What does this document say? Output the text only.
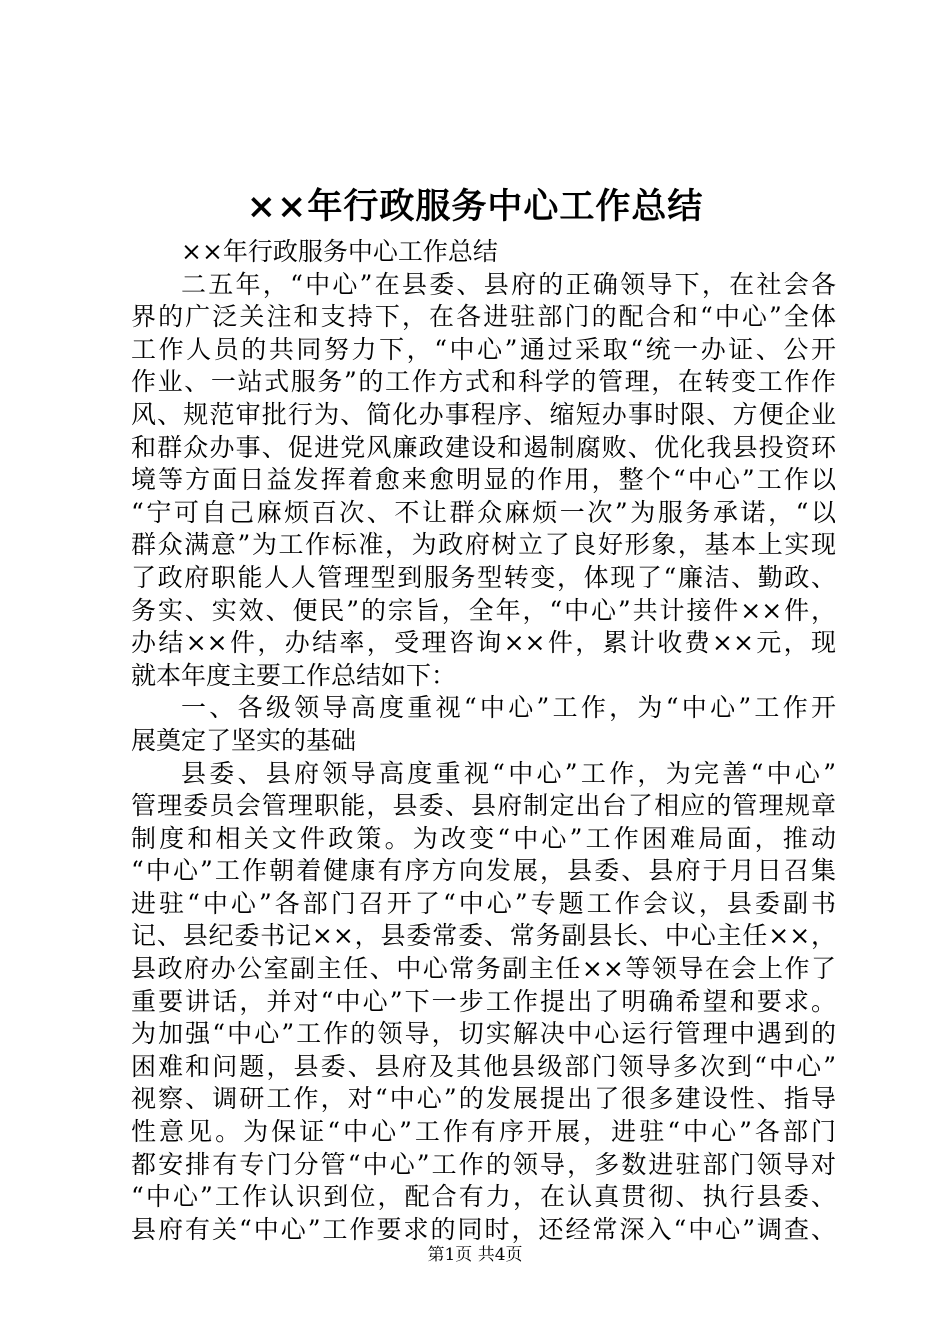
××年行政服务中心工作总结
××年行政服务中心工作总结
二五年，“中心”在县委、县府的正确领导下，在社会各
界的广泛关注和支持下，在各进驻部门的配合和“中心”全体
工作人员的共同努力下，“中心”通过采取“统一办证、公开
作业、一站式服务”的工作方式和科学的管理，在转变工作作
风、规范审批行为、简化办事程序、缩短办事时限、方便企业
和群众办事、促进党风廉政建设和遏制腐败、优化我县投资环
境等方面日益发挥着愈来愈明显的作用，整个“中心”工作以
“宁可自己麻烦百次、不让群众麻烦一次”为服务承诺，“以
群众满意”为工作标准，为政府树立了良好形象，基本上实现
了政府职能人人管理型到服务型转变，体现了“廉洁、勤政、
务实、实效、便民”的宗旨，全年，“中心”共计接件××件，
办结××件，办结率，受理咨询××件，累计收费××元，现
就本年度主要工作总结如下：
一、各级领导高度重视“中心”工作，为“中心”工作开
展奠定了坚实的基础
县委、县府领导高度重视“中心”工作，为完善“中心”
管理委员会管理职能，县委、县府制定出台了相应的管理规章
制度和相关文件政策。为改变“中心”工作困难局面，推动
“中心”工作朝着健康有序方向发展，县委、县府于月日召集
进驻“中心”各部门召开了“中心”专题工作会议，县委副书
记、县纪委书记××，县委常委、常务副县长、中心主任××，
县政府办公室副主任、中心常务副主任××等领导在会上作了
重要讲话，并对“中心”下一步工作提出了明确希望和要求。
为加强“中心”工作的领导，切实解决中心运行管理中遇到的
困难和问题，县委、县府及其他县级部门领导多次到“中心”
视察、调研工作，对“中心”的发展提出了很多建设性、指导
性意见。为保证“中心”工作有序开展，进驻“中心”各部门
都安排有专门分管“中心”工作的领导，多数进驻部门领导对
“中心”工作认识到位，配合有力，在认真贯彻、执行县委、
县府有关“中心”工作要求的同时，还经常深入“中心”调查、
第1页 共4页
